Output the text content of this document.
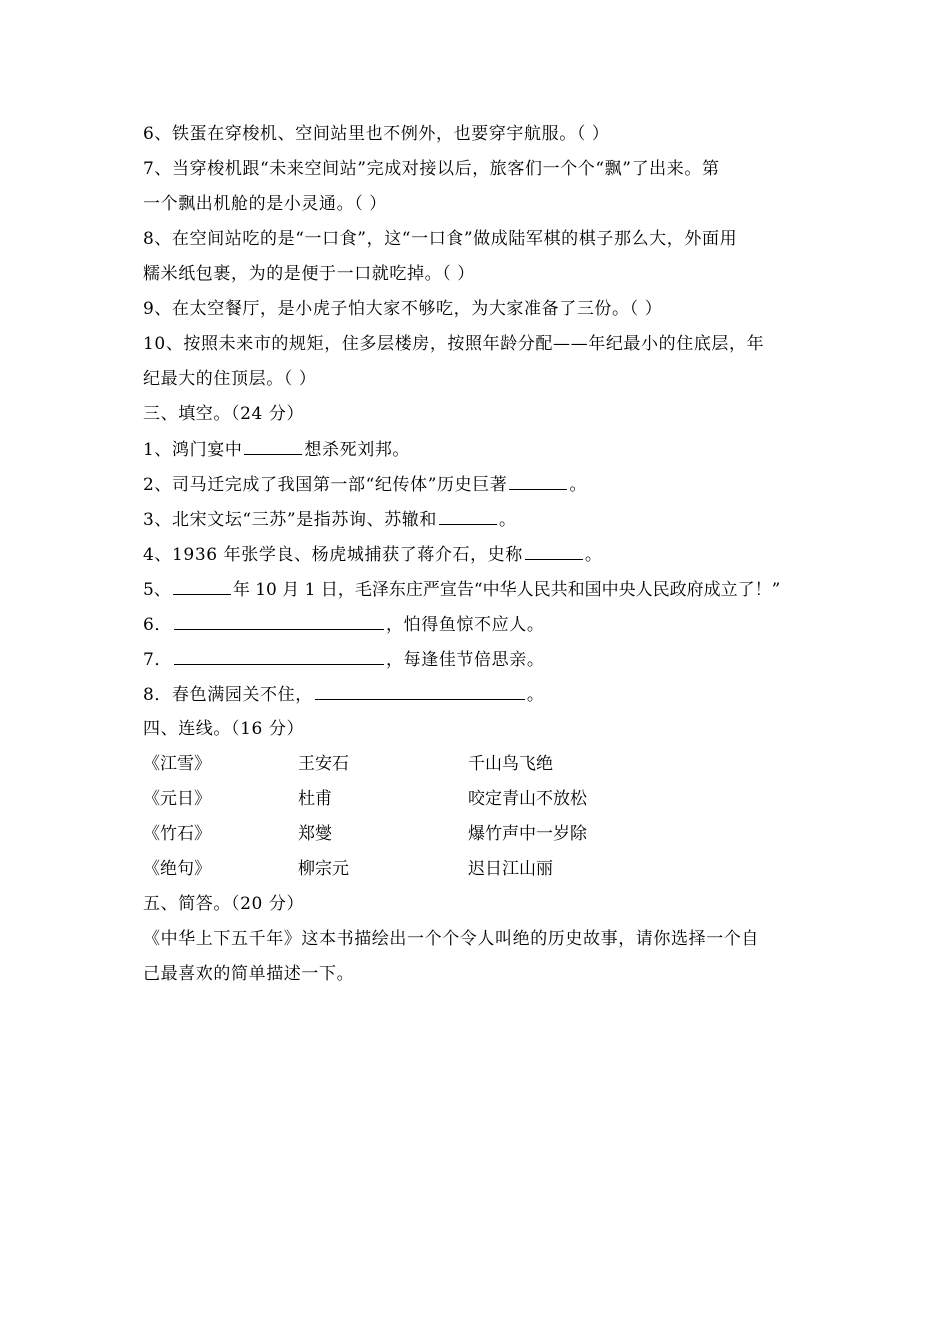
6、铁蛋在穿梭机、空间站里也不例外，也要穿宇航服。（ ）
7、当穿梭机跟“未来空间站”完成对接以后，旅客们一个个“飘”了出来。第
一个飘出机舱的是小灵通。（ ）
8、在空间站吃的是“一口食”，这“一口食”做成陆军棋的棋子那么大，外面用
糯米纸包裹，为的是便于一口就吃掉。（ ）
9、在太空餐厅，是小虎子怕大家不够吃，为大家准备了三份。（ ）
10、按照未来市的规矩，住多层楼房，按照年龄分配——年纪最小的住底层，年
纪最大的住顶层。（ ）
三、填空。（24 分）
1、鸿门宴中	想杀死刘邦。
2、司马迁完成了我国第一部“纪传体”历史巨著	。
3、北宋文坛“三苏”是指苏询、苏辙和	。
4、1936 年张学良、杨虎城捕获了蒋介石，史称	。
5、	年 10 月 1 日，毛泽东庄严宣告“中华人民共和国中央人民政府成立了！”
6．	，怕得鱼惊不应人。
7．	，每逢佳节倍思亲。
8．春色满园关不住，	。
四、连线。（16 分）
《江雪》	王安石	千山鸟飞绝
《元日》	杜甫	咬定青山不放松
《竹石》	郑燮	爆竹声中一岁除
《绝句》	柳宗元	迟日江山丽
五、简答。（20 分）
《中华上下五千年》这本书描绘出一个个令人叫绝的历史故事，请你选择一个自
己最喜欢的简单描述一下。
